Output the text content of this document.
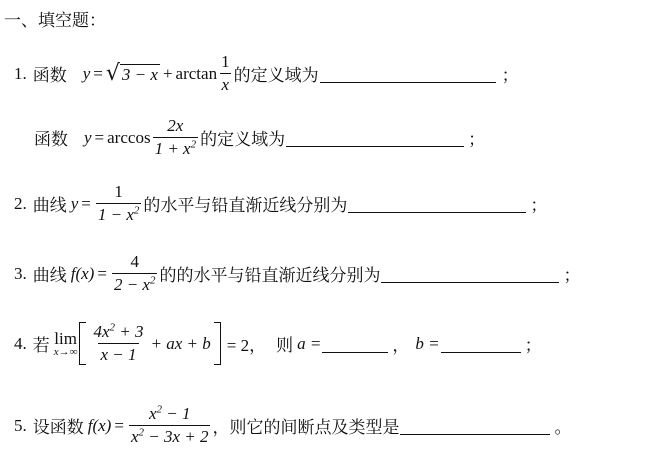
一、填空题：
1. 函数 y = √ $3 - x + \arctan \frac{1}{x}$ 的定义域为	；
函数 $y = \arccos \frac{2x}{1 + x^2}$ 的定义域为	；
2. 曲线 $y = \frac{1}{1 - x^2}$ 的水平与铅直渐近线分别为	；
3. 曲线 $f(x) = \frac{4}{2 - x^2}$ 的的水平与铅直渐近线分别为	；
4. 若 lim
$x\to\infty \frac{4x^2 + 3}{x - 1}$ + ax + b = 2， 则 a =	， b =	；
5. 设函数 $f(x) = \frac{x^2 - 1}{x^2 - 3x + 2}$ ，则它的间断点及类型是	。
